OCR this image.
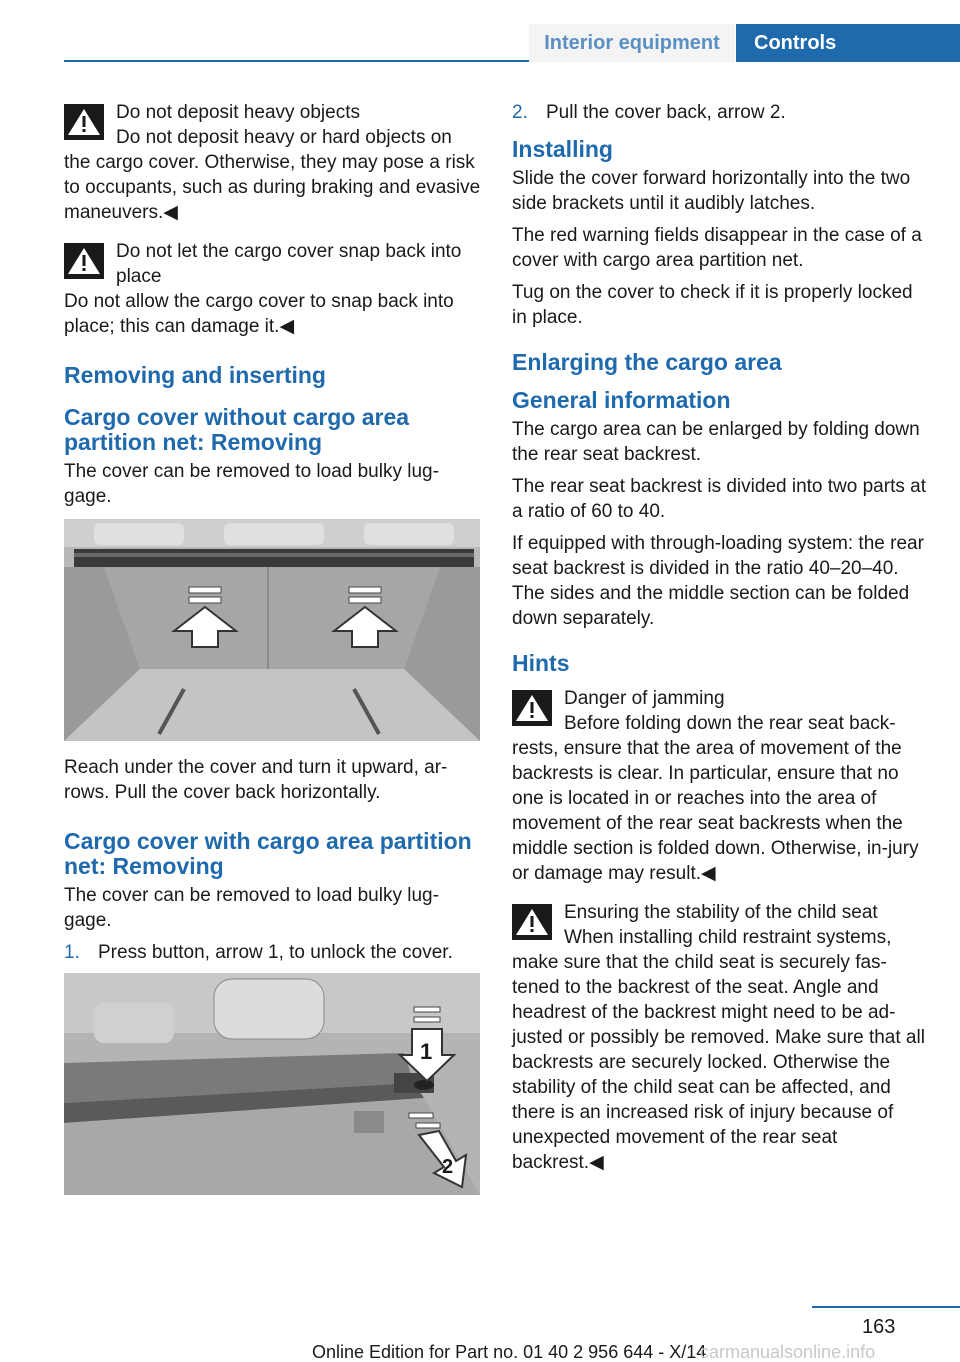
Interior equipment	Controls
Do not deposit heavy objects
Do not deposit heavy or hard objects on the cargo cover. Otherwise, they may pose a risk to occupants, such as during braking and evasive maneuvers.◀
Do not let the cargo cover snap back into place
Do not allow the cargo cover to snap back into place; this can damage it.◀
Removing and inserting
Cargo cover without cargo area partition net: Removing

The cover can be removed to load bulky lug-gage.

Reach under the cover and turn it upward, ar-rows. Pull the cover back horizontally.

Cargo cover with cargo area partition net: Removing

The cover can be removed to load bulky lug-gage.

1. Press button, arrow 1, to unlock the cover.
1
2
2. Pull the cover back, arrow 2.
Installing

Slide the cover forward horizontally into the two side brackets until it audibly latches.

The red warning fields disappear in the case of a cover with cargo area partition net.

Tug on the cover to check if it is properly locked in place.

Enlarging the cargo area
General information

The cargo area can be enlarged by folding down the rear seat backrest.

The rear seat backrest is divided into two parts at a ratio of 60 to 40.

If equipped with through-loading system: the rear seat backrest is divided in the ratio 40–20–40. The sides and the middle section can be folded down separately.

Hints
Danger of jamming
Before folding down the rear seat back-rests, ensure that the area of movement of the backrests is clear. In particular, ensure that no one is located in or reaches into the area of movement of the rear seat backrests when the middle section is folded down. Otherwise, in-jury or damage may result.◀
Ensuring the stability of the child seat
When installing child restraint systems, make sure that the child seat is securely fas-tened to the backrest of the seat. Angle and headrest of the backrest might need to be ad-justed or possibly be removed. Make sure that all backrests are securely locked. Otherwise the stability of the child seat can be affected, and there is an increased risk of injury because of unexpected movement of the rear seat backrest.◀
163
Online Edition for Part no. 01 40 2 956 644 - X/14
carmanualsonline.info
